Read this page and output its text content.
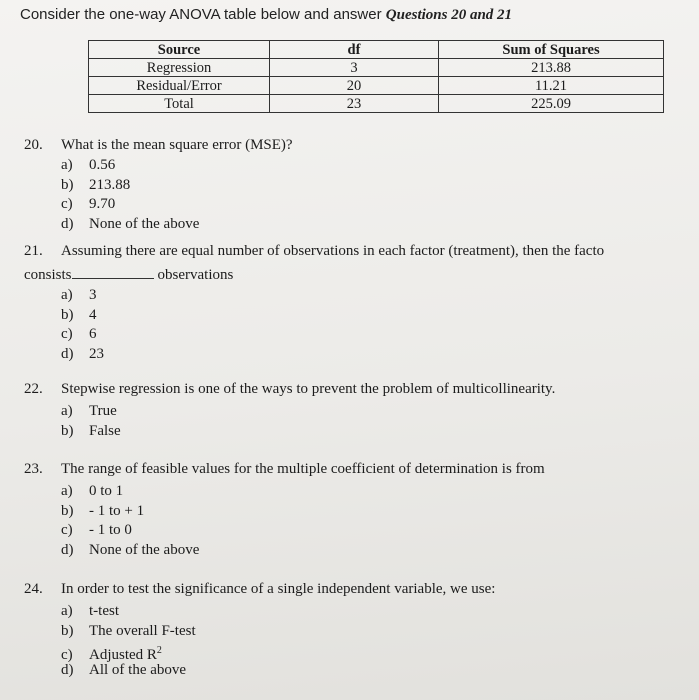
Consider the one-way ANOVA table below and answer Questions 20 and 21
Source	df	Sum of Squares
Regression	3	213.88
Residual/Error	20	11.21
Total	23	225.09
20. What is the mean square error (MSE)?
a) 0.56
b) 213.88
c) 9.70
d) None of the above
21. Assuming there are equal number of observations in each factor (treatment), then the facto
consists	observations
a) 3
b) 4
c) 6
d) 23
22. Stepwise regression is one of the ways to prevent the problem of multicollinearity.
a) True
b) False
23. The range of feasible values for the multiple coefficient of determination is from
a) 0 to 1
b) - 1 to + 1
c) - 1 to 0
d) None of the above
24. In order to test the significance of a single independent variable, we use:
a) t-test
b) The overall F-test
c) Adjusted $R^2$
d) All of the above
